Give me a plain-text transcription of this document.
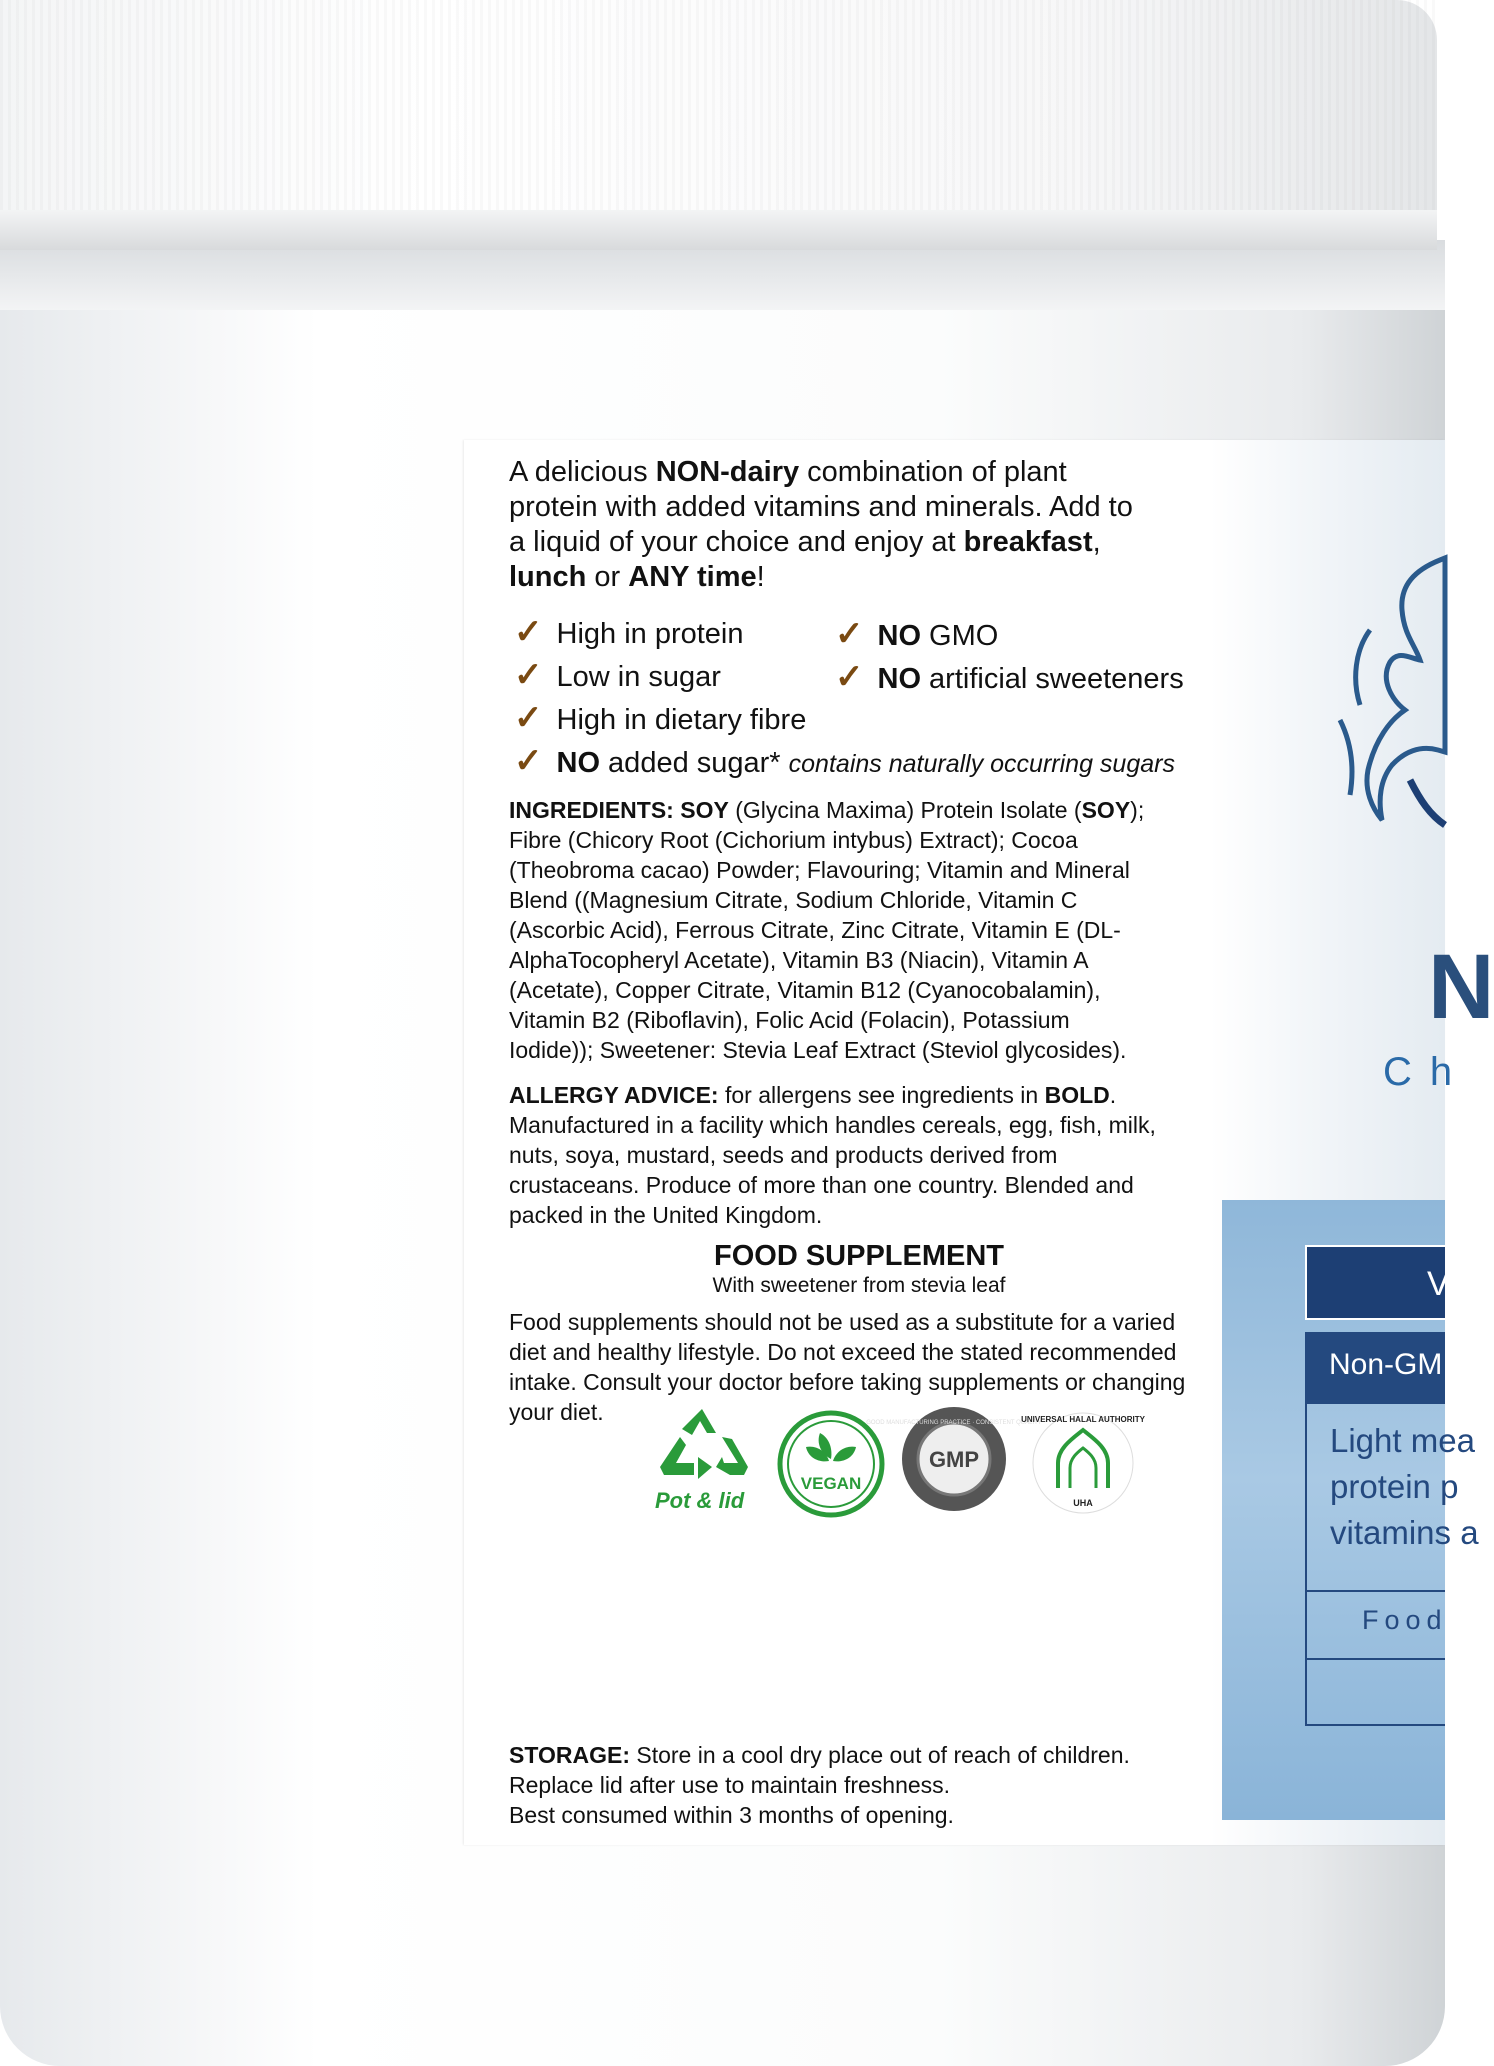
N
Ch
V
Non-GM s
Light mea
protein p
vitamins a
Food
A delicious NON-dairy combination of plant
protein with added vitamins and minerals. Add to
a liquid of your choice and enjoy at breakfast,
lunch or ANY time!
✓ High in protein
✓ Low in sugar
✓ High in dietary fibre
✓ NO added sugar* contains naturally occurring sugars
✓ NO GMO
✓ NO artificial sweeteners
INGREDIENTS: SOY (Glycina Maxima) Protein Isolate (SOY);
Fibre (Chicory Root (Cichorium intybus) Extract); Cocoa
(Theobroma cacao) Powder; Flavouring; Vitamin and Mineral
Blend ((Magnesium Citrate, Sodium Chloride, Vitamin C
(Ascorbic Acid), Ferrous Citrate, Zinc Citrate, Vitamin E (DL-
AlphaTocopheryl Acetate), Vitamin B3 (Niacin), Vitamin A
(Acetate), Copper Citrate, Vitamin B12 (Cyanocobalamin),
Vitamin B2 (Riboflavin), Folic Acid (Folacin), Potassium
Iodide)); Sweetener: Stevia Leaf Extract (Steviol glycosides).
ALLERGY ADVICE: for allergens see ingredients in BOLD.
Manufactured in a facility which handles cereals, egg, fish, milk,
nuts, soya, mustard, seeds and products derived from
crustaceans. Produce of more than one country. Blended and
packed in the United Kingdom.
FOOD SUPPLEMENT
With sweetener from stevia leaf
Food supplements should not be used as a substitute for a varied
diet and healthy lifestyle. Do not exceed the stated recommended
intake. Consult your doctor before taking supplements or changing
your diet.
Pot & lid
VEGAN
GMP
GOOD MANUFACTURING PRACTICE · CONSISTENT QUALITY
UNIVERSAL HALAL AUTHORITY
UHA
STORAGE: Store in a cool dry place out of reach of children.
Replace lid after use to maintain freshness.
Best consumed within 3 months of opening.
